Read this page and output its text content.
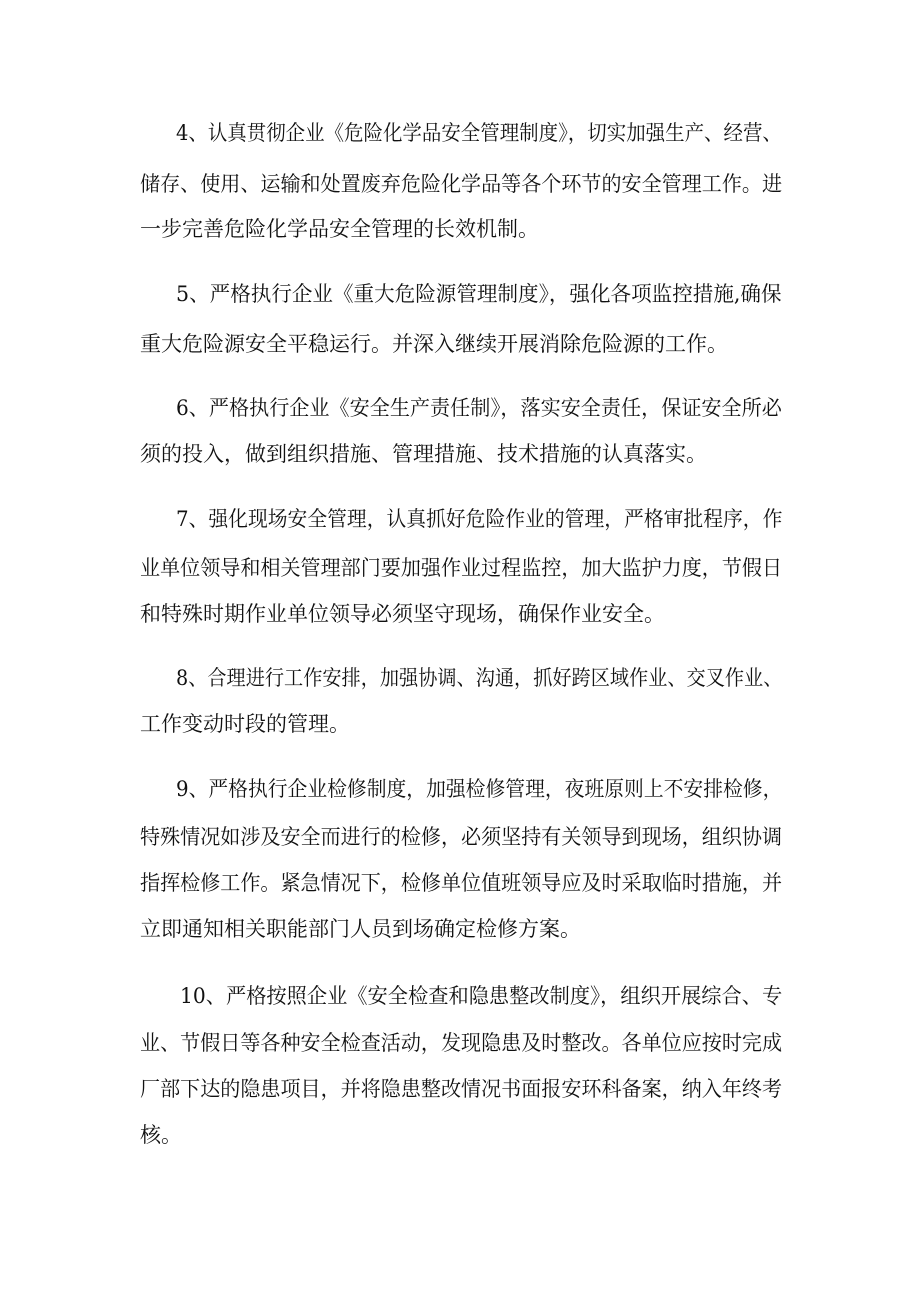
4、认真贯彻企业《危险化学品安全管理制度》，切实加强生产、经营、
储存、使用、运输和处置废弃危险化学品等各个环节的安全管理工作。进
一步完善危险化学品安全管理的长效机制。
5、严格执行企业《重大危险源管理制度》，强化各项监控措施,确保
重大危险源安全平稳运行。并深入继续开展消除危险源的工作。
6、严格执行企业《安全生产责任制》，落实安全责任，保证安全所必
须的投入，做到组织措施、管理措施、技术措施的认真落实。
7、强化现场安全管理，认真抓好危险作业的管理，严格审批程序，作
业单位领导和相关管理部门要加强作业过程监控，加大监护力度，节假日
和特殊时期作业单位领导必须坚守现场，确保作业安全。
8、合理进行工作安排，加强协调、沟通，抓好跨区域作业、交叉作业、
工作变动时段的管理。
9、严格执行企业检修制度，加强检修管理，夜班原则上不安排检修，
特殊情况如涉及安全而进行的检修，必须坚持有关领导到现场，组织协调
指挥检修工作。紧急情况下，检修单位值班领导应及时采取临时措施，并
立即通知相关职能部门人员到场确定检修方案。
10、严格按照企业《安全检查和隐患整改制度》，组织开展综合、专
业、节假日等各种安全检查活动，发现隐患及时整改。各单位应按时完成
厂部下达的隐患项目，并将隐患整改情况书面报安环科备案，纳入年终考
核。
